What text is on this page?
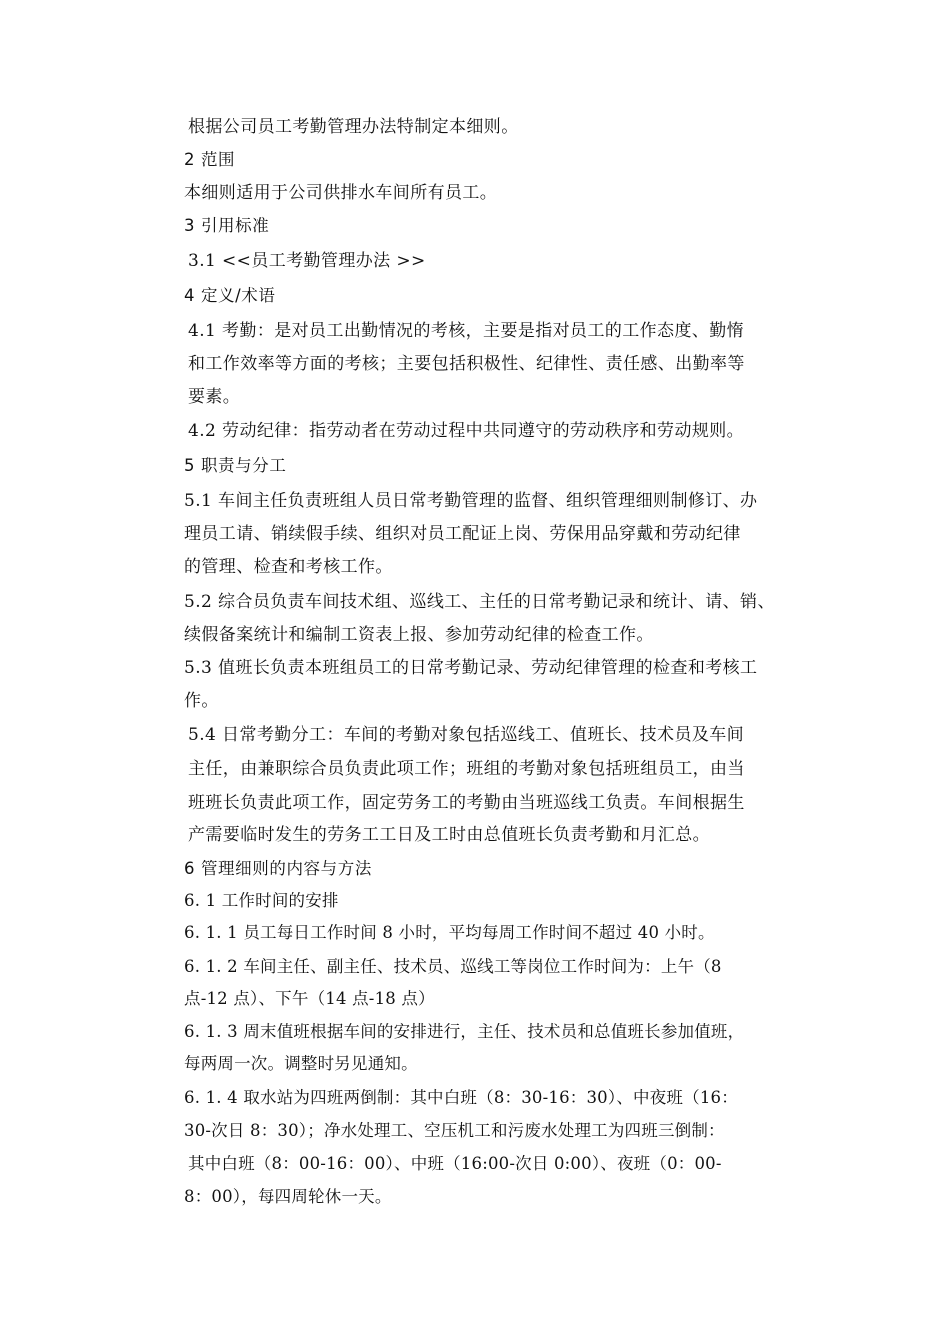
根据公司员工考勤管理办法特制定本细则。
2 范围
本细则适用于公司供排水车间所有员工。
3 引用标准
3.1 <<员工考勤管理办法 >>
4 定义/术语
4.1 考勤：是对员工出勤情况的考核，主要是指对员工的工作态度、勤惰
和工作效率等方面的考核；主要包括积极性、纪律性、责任感、出勤率等
要素。
4.2 劳动纪律：指劳动者在劳动过程中共同遵守的劳动秩序和劳动规则。
5 职责与分工
5.1 车间主任负责班组人员日常考勤管理的监督、组织管理细则制修订、办
理员工请、销续假手续、组织对员工配证上岗、劳保用品穿戴和劳动纪律
的管理、检查和考核工作。
5.2 综合员负责车间技术组、巡线工、主任的日常考勤记录和统计、请、销、
续假备案统计和编制工资表上报、参加劳动纪律的检查工作。
5.3 值班长负责本班组员工的日常考勤记录、劳动纪律管理的检查和考核工
作。
5.4 日常考勤分工：车间的考勤对象包括巡线工、值班长、技术员及车间
主任，由兼职综合员负责此项工作；班组的考勤对象包括班组员工，由当
班班长负责此项工作，固定劳务工的考勤由当班巡线工负责。车间根据生
产需要临时发生的劳务工工日及工时由总值班长负责考勤和月汇总。
6 管理细则的内容与方法
6. 1 工作时间的安排
6. 1. 1 员工每日工作时间 8 小时，平均每周工作时间不超过 40 小时。
6. 1. 2 车间主任、副主任、技术员、巡线工等岗位工作时间为：上午（8
点-12 点）、下午（14 点-18 点）
6. 1. 3 周末值班根据车间的安排进行，主任、技术员和总值班长参加值班，
每两周一次。调整时另见通知。
6. 1. 4 取水站为四班两倒制：其中白班（8：30-16：30）、中夜班（16：
30-次日 8：30）；净水处理工、空压机工和污废水处理工为四班三倒制：
其中白班（8：00-16：00）、中班（16:00-次日 0:00）、夜班（0：00-
8：00），每四周轮休一天。
